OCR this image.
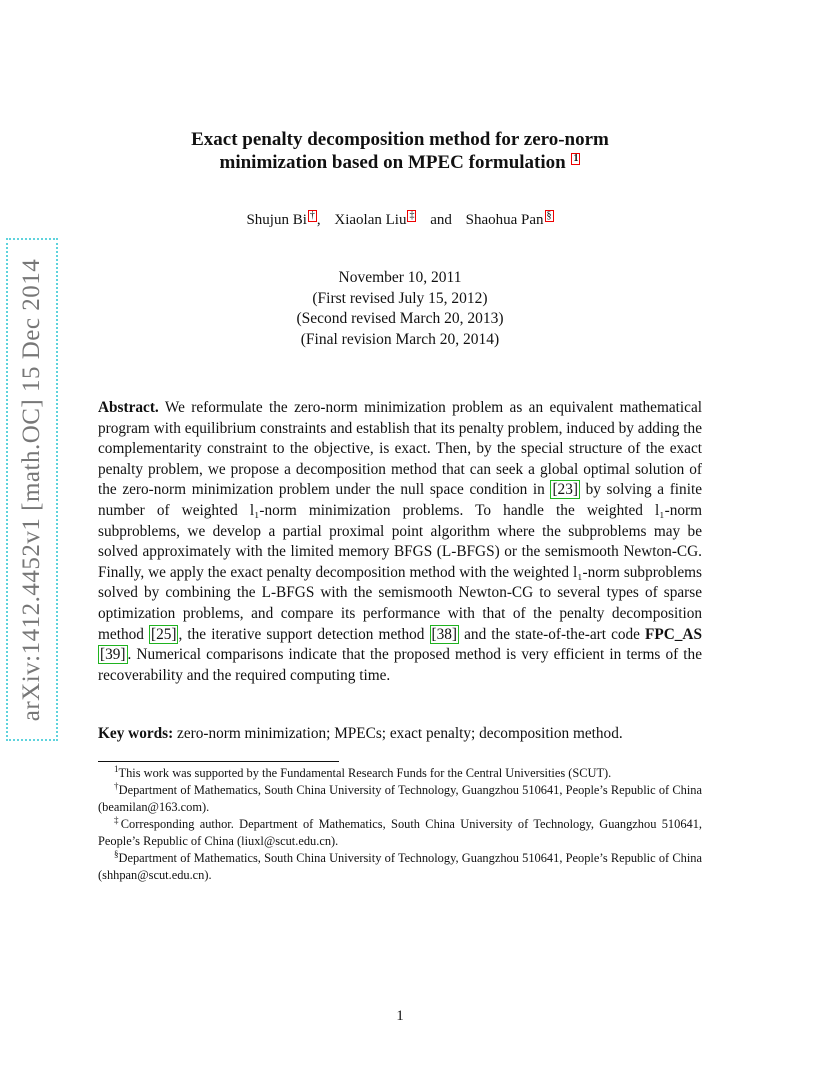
arXiv:1412.4452v1 [math.OC] 15 Dec 2014
Exact penalty decomposition method for zero-norm
minimization based on MPEC formulation 1
Shujun Bi † , Xiaolan Liu ‡ and Shaohua Pan §
November 10, 2011
(First revised July 15, 2012)
(Second revised March 20, 2013)
(Final revision March 20, 2014)
Abstract. We reformulate the zero-norm minimization problem as an equivalent mathematical program with equilibrium constraints and establish that its penalty problem, induced by adding the complementarity constraint to the objective, is exact. Then, by the special structure of the exact penalty problem, we propose a decomposition method that can seek a global optimal solution of the zero-norm minimization problem under the null space condition in [23] by solving a finite number of weighted l₁-norm minimization problems. To handle the weighted l₁-norm subproblems, we develop a partial proximal point algorithm where the subproblems may be solved approximately with the limited memory BFGS (L-BFGS) or the semismooth Newton-CG. Finally, we apply the exact penalty decomposition method with the weighted l₁-norm subproblems solved by combining the L-BFGS with the semismooth Newton-CG to several types of sparse optimization problems, and compare its performance with that of the penalty decomposition method [25] , the iterative support detection method [38] and the state-of-the-art code FPC_AS [39] . Numerical comparisons indicate that the proposed method is very efficient in terms of the recoverability and the required computing time.
Key words: zero-norm minimization; MPECs; exact penalty; decomposition method.

$^1$This work was supported by the Fundamental Research Funds for the Central Universities (SCUT).

†Department of Mathematics, South China University of Technology, Guangzhou 510641, People’s Republic of China (beamilan@163.com).

‡Corresponding author. Department of Mathematics, South China University of Technology, Guangzhou 510641, People’s Republic of China (liuxl@scut.edu.cn).

§Department of Mathematics, South China University of Technology, Guangzhou 510641, People’s Republic of China (shhpan@scut.edu.cn).

1
